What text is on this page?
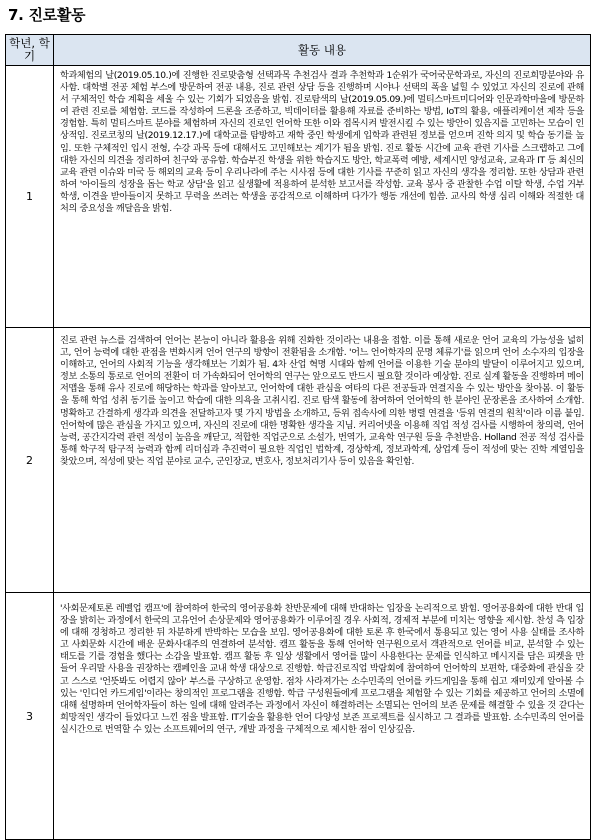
7. 진로활동
학년, 학기	활동 내용
1	학과체험의 날(2019.05.10.)에 진행한 진로맞춤형 선택과목 추천검사 결과 추천학과 1순위가 국어국문학과로, 자신의 진로희망분야와 유사함. 대학별 전공 체험 부스에 방문하여 전공 내용, 진로 관련 상담 등을 진행하며 시야나 선택의 폭을 넓힐 수 있었고 자신의 진로에 관해서 구체적인 학습 계획을 세울 수 있는 기회가 되었음을 밝힘. 진로탐색의 날(2019.05.09.)에 멀티스마트미디어와 인문과학마을에 방문하여 관련 진로를 체험함. 코드를 작성하여 드론을 조종하고, 빅데이터를 활용해 자료를 준비하는 방법, IoT의 활용, 애플리케이션 제작 등을 경험함. 특히 멀티스마트 분야를 체험하며 자신의 진로인 언어학 또한 이와 접목시켜 발전시킬 수 있는 방안이 있음지를 고민하는 모습이 인상적임. 진로코칭의 날(2019.12.17.)에 대학교를 탐방하고 재학 중인 학생에게 입학과 관련된 정보를 얻으며 진학 의지 및 학습 동기를 높임. 또한 구체적인 입시 전형, 수강 과목 등에 대해서도 고민해보는 계기가 됨을 밝힘. 진로 활동 시간에 교육 관련 기사를 스크랩하고 그에 대한 자신의 의견을 정리하여 친구와 공유함. 학습부진 학생을 위한 학습지도 방안, 학교폭력 예방, 세계시민 양성교육, 교육과 IT 등 최신의 교육 관련 이슈와 미국 등 해외의 교육 등이 우리나라에 주는 시사점 등에 대한 기사를 꾸준히 읽고 자신의 생각을 정리함. 또한 상담과 관련하여 '아이들의 성장을 돕는 학교 상담'을 읽고 실생활에 적용하여 분석한 보고서를 작성함. 교육 봉사 중 관찰한 수업 이탈 학생, 수업 거부 학생, 이견을 받아들이지 못하고 무력을 쓰려는 학생을 공감적으로 이해하며 다가가 행동 개선에 힘씀. 교사의 학생 심리 이해와 적절한 대처의 중요성을 깨달음을 밝힘.

2	진로 관련 뉴스를 검색하여 언어는 본능이 아니라 활용을 위해 진화한 것이라는 내용을 접함. 이를 통해 새로운 언어 교육의 가능성을 넓히고, 언어 능력에 대한 관점을 변화시켜 언어 연구의 방향이 전환됨을 소개함. '어느 언어학자의 문명 체류기'를 읽으며 언어 소수자의 입장을 이해하고, 언어의 사회적 기능을 생각해보는 기회가 됨. 4차 산업 혁명 시대와 함께 언어를 이용한 기술 분야의 발달이 이루어지고 있으며, 정보 소통의 통로로 언어의 전환이 더 가속화되어 언어학의 연구는 앞으로도 반드시 필요할 것이라 예상함. 진로 실계 활동을 진행하며 메이저맵을 통해 유사 진로에 해당하는 학과를 알아보고, 언어학에 대한 관심을 여타의 다른 전공들과 연결지을 수 있는 방안을 찾아봄. 이 활동을 통해 학업 성취 동기를 높이고 학습에 대한 의욕을 고취시킴. 진로 탐색 활동에 참여하여 언어학의 한 분야인 문장론을 조사하여 소개함. 명확하고 간결하게 생각과 의견을 전달하고자 몇 가지 방법을 소개하고, 등위 접속사에 의한 병렬 연결을 '등위 연결의 원칙'이라 이름 붙임. 언어학에 많은 관심을 가지고 있으며, 자신의 진로에 대한 명확한 생각을 지님. 커리어넷을 이용해 직업 적성 검사를 시행하여 창의력, 언어 능력, 공간지각력 관련 적성이 높음을 깨닫고, 적합한 직업군으로 소설가, 번역가, 교육학 연구원 등을 추천받음. Holland 전공 적성 검사를 통해 학구적 탐구적 능력과 함께 리더십과 추진력이 필요한 직업인 법학계, 경상학계, 정보과학계, 상업계 등이 적성에 맞는 진학 계열임을 찾았으며, 적성에 맞는 직업 분야로 교수, 군인장교, 변호사, 정보처리기사 등이 있음을 확인함.

3	'사회문제토론 레벨업 캠프'에 참여하여 한국의 영어공용화 찬반문제에 대해 반대하는 입장을 논리적으로 밝힘. 영어공용화에 대한 반대 입장을 밝히는 과정에서 한국의 고유언어 손상문제와 영어공용화가 이루어질 경우 사회적, 경제적 부분에 미치는 영향을 제시함. 찬성 측 입장에 대해 경청하고 정리한 뒤 차분하게 반박하는 모습을 보임. 영어공용화에 대한 토론 후 한국에서 통용되고 있는 영어 사용 실태를 조사하고 사회문화 시간에 배운 문화사대주의 연결하여 분석함. 캠프 활동을 통해 언어학 연구원으로서 객관적으로 언어를 비교, 분석할 수 있는 태도를 기를 경험을 했다는 소감을 발표함. 캠프 활동 후 일상 생활에서 영어를 많이 사용한다는 문제를 인식하고 메시지를 담은 피켓을 만들어 우리말 사용을 권장하는 캠페인을 교내 학생 대상으로 진행함. 학급진로직업 박람회에 참여하여 언어학의 보편학, 대중화에 관심을 갖고 스스로 '언뜻봐도 어렵지 않아' 부스를 구상하고 운영함. 점차 사라져가는 소수민족의 언어를 카드게임을 통해 쉽고 재미있게 알아볼 수 있는 '인디언 카드게임'이라는 창의적인 프로그램을 진행함. 학급 구성원들에게 프로그램을 체험할 수 있는 기회를 제공하고 언어의 소멸에 대해 설명하며 언어학자들이 하는 일에 대해 알려주는 과정에서 자신이 해결하려는 소멸되는 언어의 보존 문제를 해결할 수 있을 것 같다는 희망적인 생각이 들었다고 느낀 점을 발표함. IT기술을 활용한 언어 다양성 보존 프로젝트를 실시하고 그 결과를 발표함. 소수민족의 언어를 실시간으로 번역할 수 있는 소프트웨어의 연구, 개발 과정을 구체적으로 제시한 점이 인상깊음.
